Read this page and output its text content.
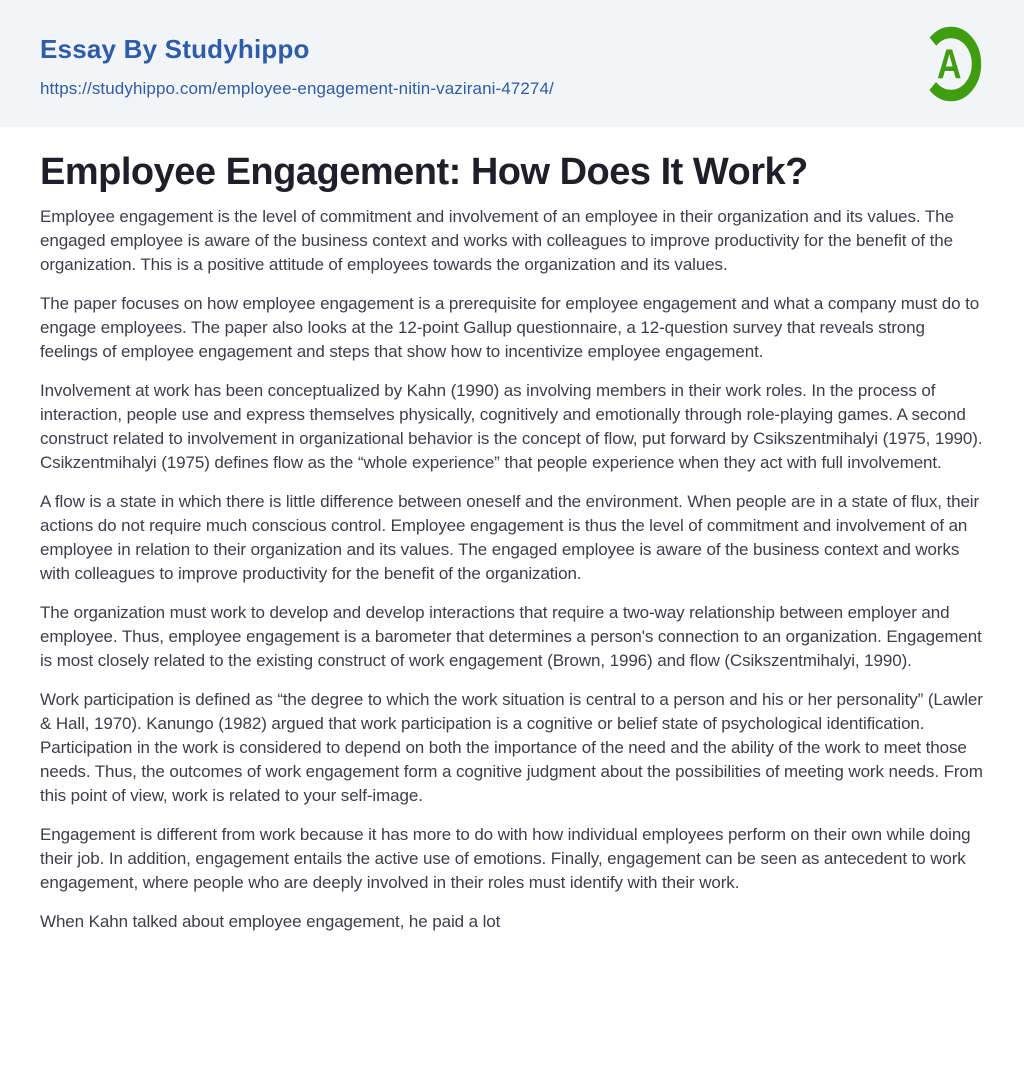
Essay By Studyhippo
https://studyhippo.com/employee-engagement-nitin-vazirani-47274/
A
Employee Engagement: How Does It Work?

Employee engagement is the level of commitment and involvement of an employee in their organization and its values. The engaged employee is aware of the business context and works with colleagues to improve productivity for the benefit of the organization. This is a positive attitude of employees towards the organization and its values.

The paper focuses on how employee engagement is a prerequisite for employee engagement and what a company must do to engage employees. The paper also looks at the 12-point Gallup questionnaire, a 12-question survey that reveals strong feelings of employee engagement and steps that show how to incentivize employee engagement.

Involvement at work has been conceptualized by Kahn (1990) as involving members in their work roles. In the process of interaction, people use and express themselves physically, cognitively and emotionally through role-playing games. A second construct related to involvement in organizational behavior is the concept of flow, put forward by Csikszentmihalyi (1975, 1990). Csikzentmihalyi (1975) defines flow as the “whole experience” that people experience when they act with full involvement.

A flow is a state in which there is little difference between oneself and the environment. When people are in a state of flux, their actions do not require much conscious control. Employee engagement is thus the level of commitment and involvement of an employee in relation to their organization and its values. The engaged employee is aware of the business context and works with colleagues to improve productivity for the benefit of the organization.

The organization must work to develop and develop interactions that require a two-way relationship between employer and employee. Thus, employee engagement is a barometer that determines a person's connection to an organization. Engagement is most closely related to the existing construct of work engagement (Brown, 1996) and flow (Csikszentmihalyi, 1990).

Work participation is defined as “the degree to which the work situation is central to a person and his or her personality” (Lawler & Hall, 1970). Kanungo (1982) argued that work participation is a cognitive or belief state of psychological identification. Participation in the work is considered to depend on both the importance of the need and the ability of the work to meet those needs. Thus, the outcomes of work engagement form a cognitive judgment about the possibilities of meeting work needs. From this point of view, work is related to your self-image.

Engagement is different from work because it has more to do with how individual employees perform on their own while doing their job. In addition, engagement entails the active use of emotions. Finally, engagement can be seen as antecedent to work engagement, where people who are deeply involved in their roles must identify with their work.

When Kahn talked about employee engagement, he paid a lot
